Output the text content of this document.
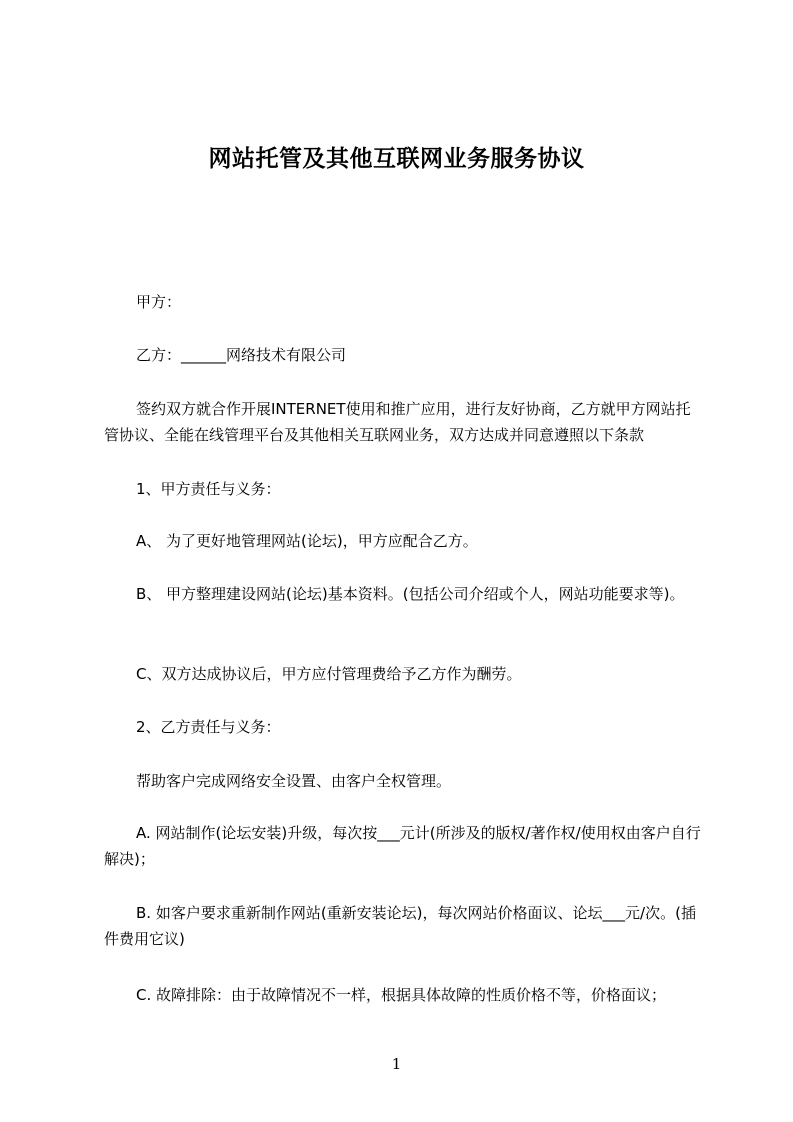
网站托管及其他互联网业务服务协议

甲方：

乙方：______网络技术有限公司

签约双方就合作开展INTERNET使用和推广应用，进行友好协商，乙方就甲方网站托管协议、全能在线管理平台及其他相关互联网业务，双方达成并同意遵照以下条款

1、甲方责任与义务：

A、 为了更好地管理网站(论坛)，甲方应配合乙方。

B、 甲方整理建设网站(论坛)基本资料。(包括公司介绍或个人，网站功能要求等)。

C、双方达成协议后，甲方应付管理费给予乙方作为酬劳。

2、乙方责任与义务：

帮助客户完成网络安全设置、由客户全权管理。

A. 网站制作(论坛安装)升级，每次按___元计(所涉及的版权/著作权/使用权由客户自行解决)；

B. 如客户要求重新制作网站(重新安装论坛)，每次网站价格面议、论坛___元/次。(插件费用它议)

C. 故障排除：由于故障情况不一样，根据具体故障的性质价格不等，价格面议；

1
